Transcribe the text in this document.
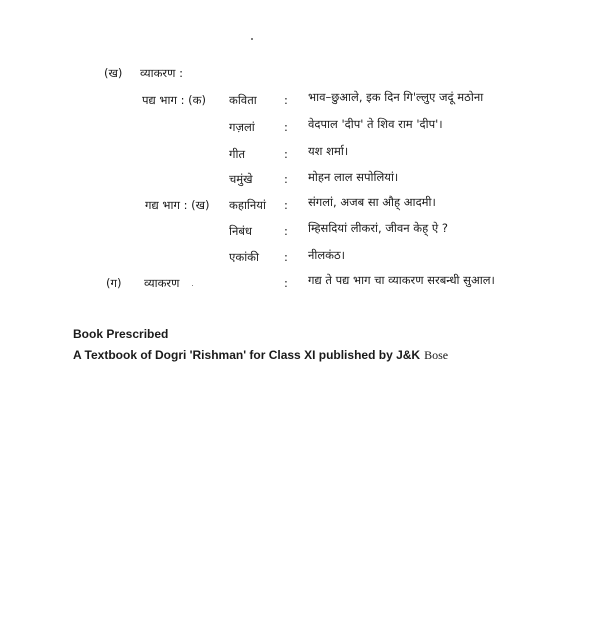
(ख) व्याकरण :
पद्य भाग : (क) कविता : भाव–छुआले, इक दिन गि'ल्लुए जदूं मठोना
गज़लां	: वेदपाल 'दीप' ते शिव राम 'दीप'।
गीत	: यश शर्मा।
चमुंखे	: मोहन लाल सपोलियां।
गद्य भाग : (ख) कहानियां : संगलां, अजब सा औह् आदमी।
निबंध	: म्हिसदियां लीकरां, जीवन केह् ऐ ?
एकांकी : नीलकंठ।
(ग) व्याकरण	: गद्य ते पद्य भाग चा व्याकरण सरबन्धी सुआल।
Book Prescribed
A Textbook of Dogri 'Rishman' for Class XI published by J&K Bose
